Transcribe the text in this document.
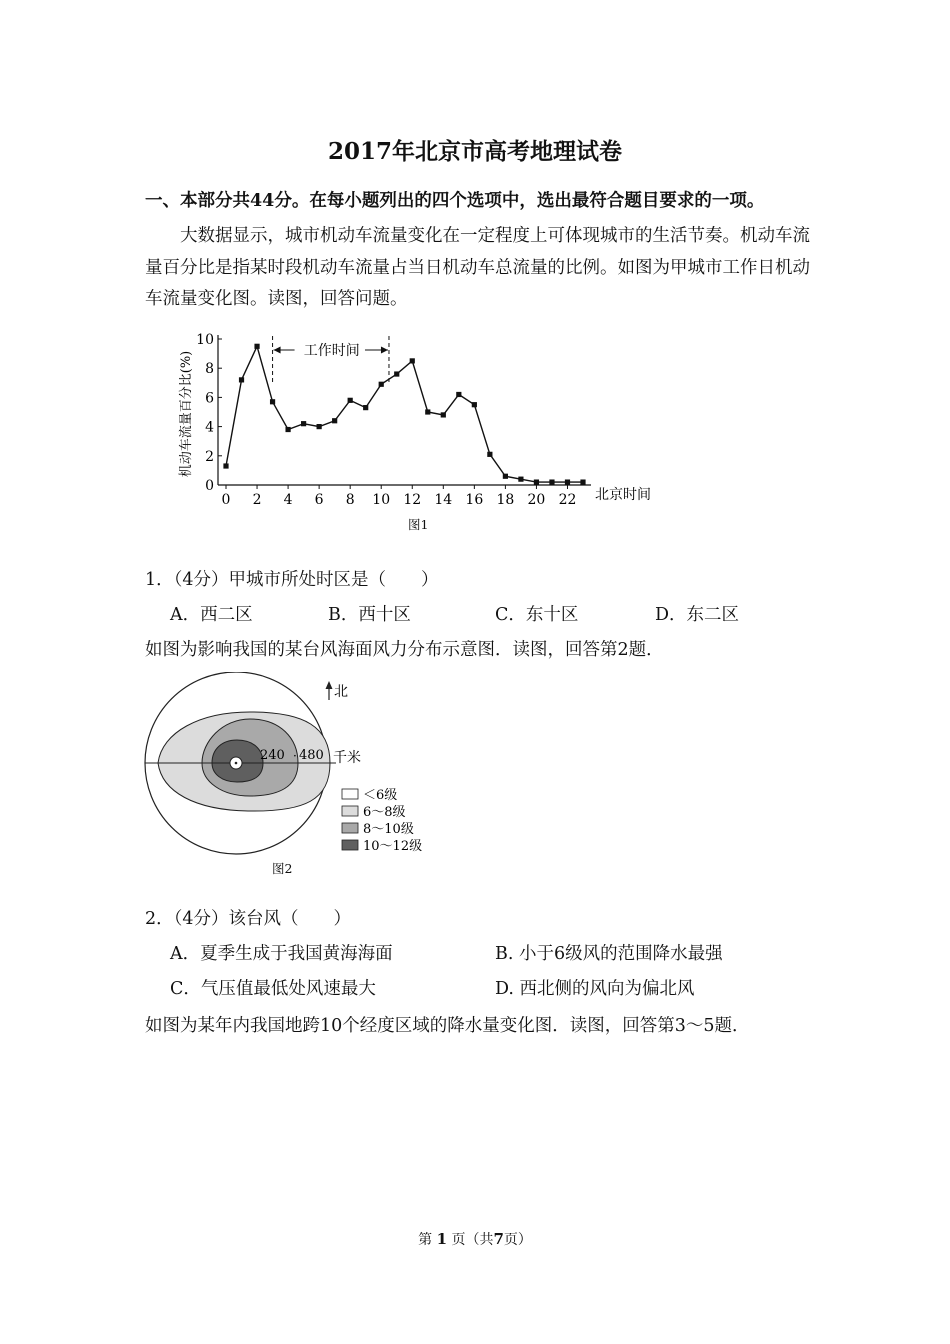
2017年北京市高考地理试卷
一、本部分共44分。在每小题列出的四个选项中，选出最符合题目要求的一项。
大数据显示，城市机动车流量变化在一定程度上可体现城市的生活节奏。机动车流量百分比是指某时段机动车流量占当日机动车总流量的比例。如图为甲城市工作日机动车流量变化图。读图，回答问题。
机动车流量百分比(%)
0
2
4
6
8
10
0 2 4 6 8 10 12 14 16 18 20 22
工作时间
北京时间
图1
1．（4分）甲城市所处时区是（　　）
A．西二区	B．西十区	C．东十区	D．东二区
如图为影响我国的某台风海面风力分布示意图．读图，回答第2题．
240 480
·	千米
北
＜6级
6～8级
8～10级
10～12级
图2
2．（4分）该台风（　　）
A．夏季生成于我国黄海海面	B. 小于6级风的范围降水最强
C．气压值最低处风速最大	D. 西北侧的风向为偏北风
如图为某年内我国地跨10个经度区域的降水量变化图．读图，回答第3～5题．
第 1 页（共7页）
